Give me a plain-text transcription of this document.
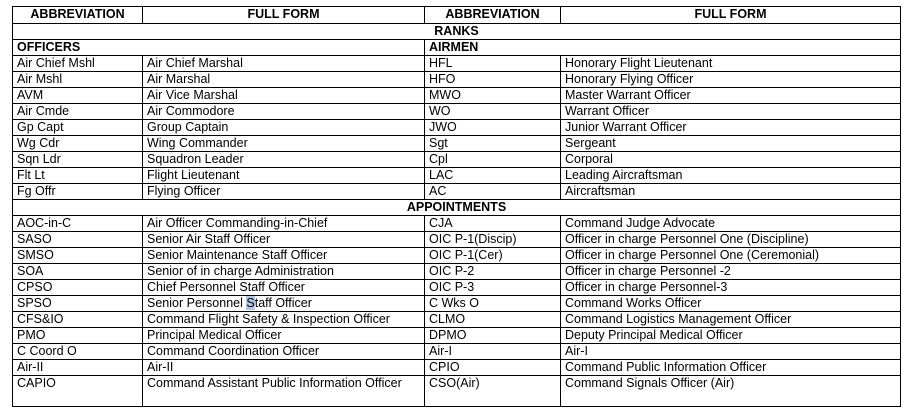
ABBREVIATION	FULL FORM	ABBREVIATION	FULL FORM
RANKS			
OFFICERS		AIRMEN	
Air Chief Mshl	Air Chief Marshal	HFL	Honorary Flight Lieutenant
Air Mshl	Air Marshal	HFO	Honorary Flying Officer
AVM	Air Vice Marshal	MWO	Master Warrant Officer
Air Cmde	Air Commodore	WO	Warrant Officer
Gp Capt	Group Captain	JWO	Junior Warrant Officer
Wg Cdr	Wing Commander	Sgt	Sergeant
Sqn Ldr	Squadron Leader	Cpl	Corporal
Flt Lt	Flight Lieutenant	LAC	Leading Aircraftsman
Fg Offr	Flying Officer	AC	Aircraftsman
APPOINTMENTS			
AOC-in-C	Air Officer Commanding-in-Chief	CJA	Command Judge Advocate
SASO	Senior Air Staff Officer	OIC P-1(Discip)	Officer in charge Personnel One (Discipline)
SMSO	Senior Maintenance Staff Officer	OIC P-1(Cer)	Officer in charge Personnel One (Ceremonial)
SOA	Senior of in charge Administration	OIC P-2	Officer in charge Personnel -2
CPSO	Chief Personnel Staff Officer	OIC P-3	Officer in charge Personnel-3
SPSO	Senior Personnel Staff Officer	C Wks O	Command Works Officer
CFS&IO	Command Flight Safety & Inspection Officer	CLMO	Command Logistics Management Officer
PMO	Principal Medical Officer	DPMO	Deputy Principal Medical Officer
C Coord O	Command Coordination Officer	Air-I	Air-I
Air-II	Air-II	CPIO	Command Public Information Officer
CAPIO	Command Assistant Public Information Officer	CSO(Air)	Command Signals Officer (Air)
